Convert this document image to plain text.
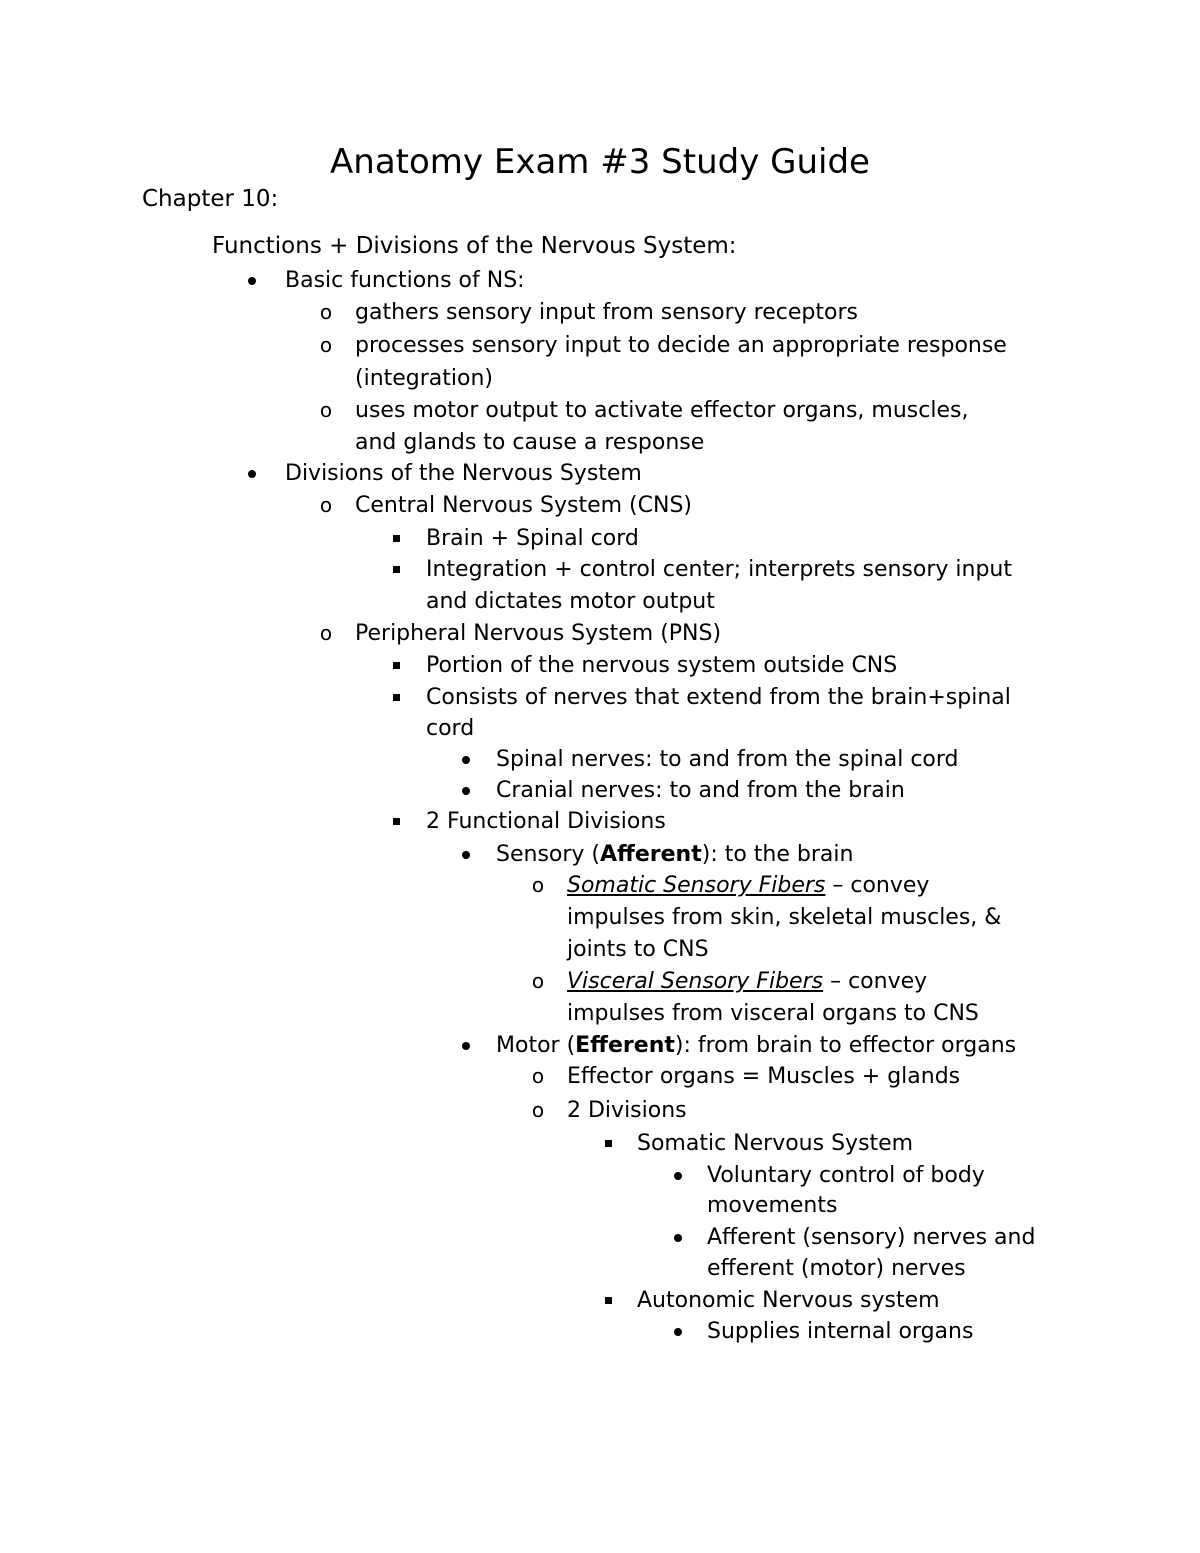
Anatomy Exam #3 Study Guide
Chapter 10:
Functions + Divisions of the Nervous System:
Basic functions of NS:
o gathers sensory input from sensory receptors
o processes sensory input to decide an appropriate response
(integration)
o uses motor output to activate effector organs, muscles,
and glands to cause a response
Divisions of the Nervous System
o Central Nervous System (CNS)
Brain + Spinal cord
Integration + control center; interprets sensory input
and dictates motor output
o Peripheral Nervous System (PNS)
Portion of the nervous system outside CNS
Consists of nerves that extend from the brain+spinal
cord
Spinal nerves: to and from the spinal cord
Cranial nerves: to and from the brain
2 Functional Divisions
Sensory (Afferent): to the brain
o Somatic Sensory Fibers – convey
impulses from skin, skeletal muscles, &
joints to CNS
o Visceral Sensory Fibers – convey
impulses from visceral organs to CNS
Motor (Efferent): from brain to effector organs
o Effector organs = Muscles + glands
o 2 Divisions
Somatic Nervous System
Voluntary control of body
movements
Afferent (sensory) nerves and
efferent (motor) nerves
Autonomic Nervous system
Supplies internal organs
